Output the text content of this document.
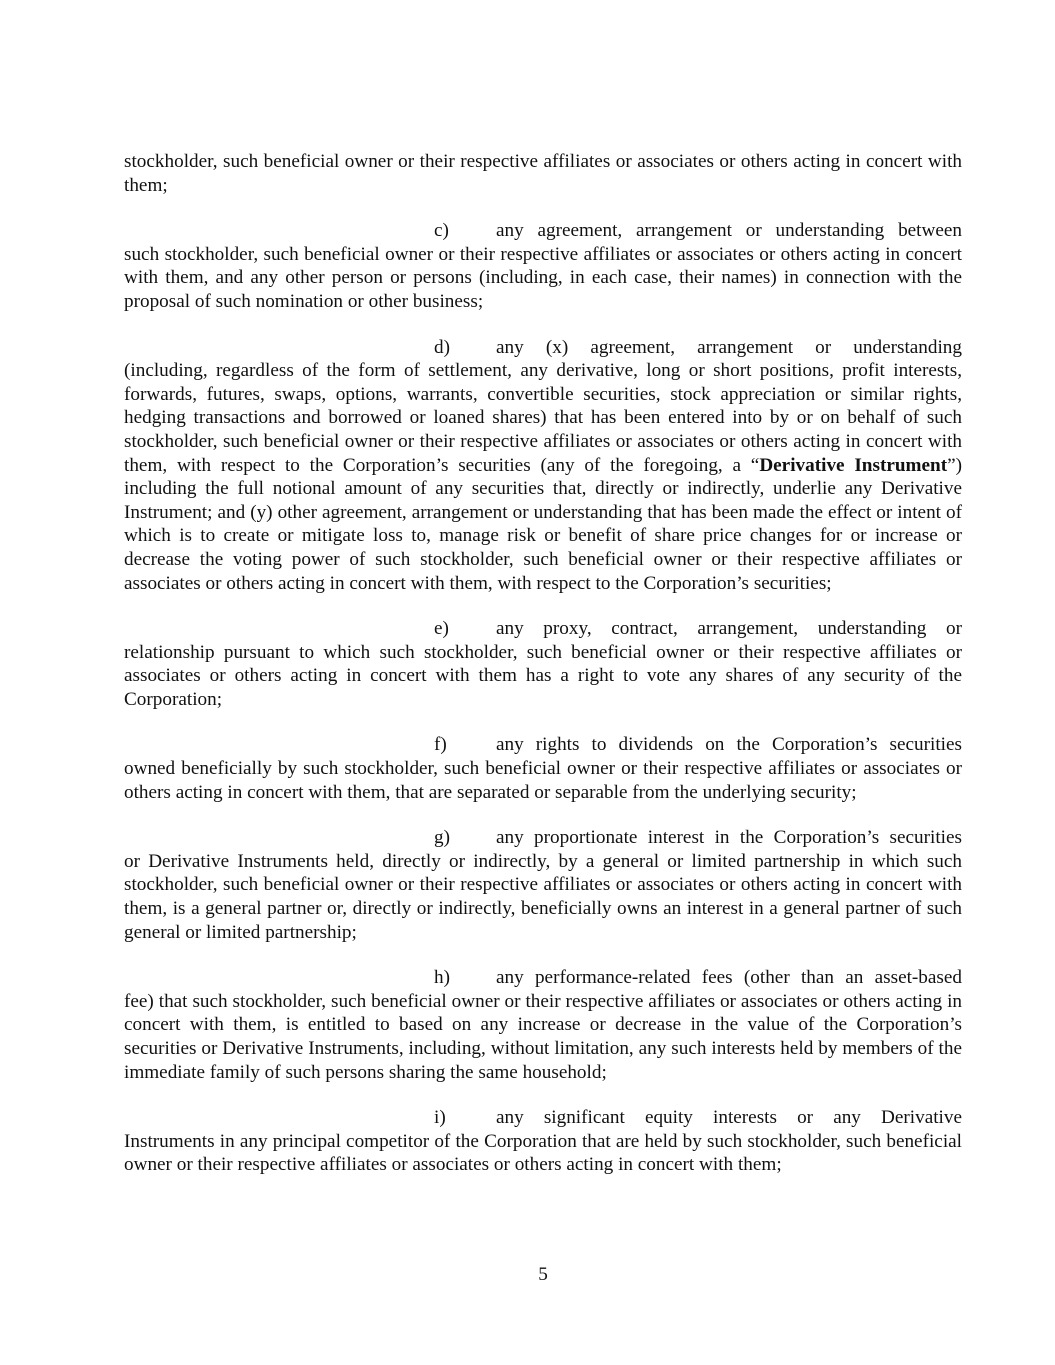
stockholder, such beneficial owner or their respective affiliates or associates or others acting in concert with them;

c)	any agreement, arrangement or understanding between
such stockholder, such beneficial owner or their respective affiliates or associates or others acting in concert with them, and any other person or persons (including, in each case, their names) in connection with the proposal of such nomination or other business;
d)	any (x) agreement, arrangement or understanding
(including, regardless of the form of settlement, any derivative, long or short positions, profit interests, forwards, futures, swaps, options, warrants, convertible securities, stock appreciation or similar rights, hedging transactions and borrowed or loaned shares) that has been entered into by or on behalf of such stockholder, such beneficial owner or their respective affiliates or associates or others acting in concert with them, with respect to the Corporation’s securities (any of the foregoing, a “Derivative Instrument”) including the full notional amount of any securities that, directly or indirectly, underlie any Derivative Instrument; and (y) other agreement, arrangement or understanding that has been made the effect or intent of which is to create or mitigate loss to, manage risk or benefit of share price changes for or increase or decrease the voting power of such stockholder, such beneficial owner or their respective affiliates or associates or others acting in concert with them, with respect to the Corporation’s securities;
e)	any proxy, contract, arrangement, understanding or
relationship pursuant to which such stockholder, such beneficial owner or their respective affiliates or associates or others acting in concert with them has a right to vote any shares of any security of the Corporation;
f)	any rights to dividends on the Corporation’s securities
owned beneficially by such stockholder, such beneficial owner or their respective affiliates or associates or others acting in concert with them, that are separated or separable from the underlying security;
g)	any proportionate interest in the Corporation’s securities
or Derivative Instruments held, directly or indirectly, by a general or limited partnership in which such stockholder, such beneficial owner or their respective affiliates or associates or others acting in concert with them, is a general partner or, directly or indirectly, beneficially owns an interest in a general partner of such general or limited partnership;
h)	any performance-related fees (other than an asset-based
fee) that such stockholder, such beneficial owner or their respective affiliates or associates or others acting in concert with them, is entitled to based on any increase or decrease in the value of the Corporation’s securities or Derivative Instruments, including, without limitation, any such interests held by members of the immediate family of such persons sharing the same household;
i)	any significant equity interests or any Derivative
Instruments in any principal competitor of the Corporation that are held by such stockholder, such beneficial owner or their respective affiliates or associates or others acting in concert with them;
5
